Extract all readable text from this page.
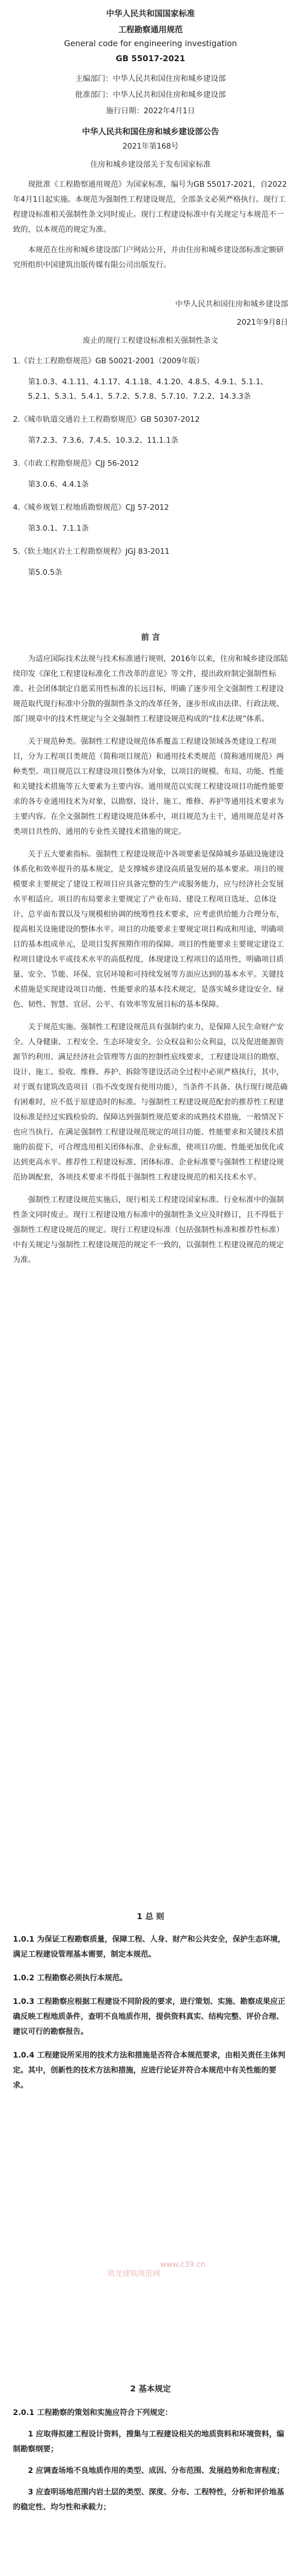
中华人民共和国国家标准
工程勘察通用规范
General code for engineering investigation
GB 55017-2021
主编部门：中华人民共和国住房和城乡建设部
批准部门：中华人民共和国住房和城乡建设部
施行日期：2022年4月1日
中华人民共和国住房和城乡建设部公告
2021年第168号
住房和城乡建设部关于发布国家标准

现批准《工程勘察通用规范》为国家标准，编号为GB 55017-2021，自2022年4月1日起实施。本规范为强制性工程建设规范，全部条文必须严格执行。现行工程建设标准相关强制性条文同时废止。现行工程建设标准中有关规定与本规范不一致的，以本规范的规定为准。

本规范在住房和城乡建设部门户网站公开，并由住房和城乡建设部标准定额研究所组织中国建筑出版传媒有限公司出版发行。

中华人民共和国住房和城乡建设部
2021年9月8日
废止的现行工程建设标准相关强制性条文

1.《岩土工程勘察规范》GB 50021-2001（2009年版）

第1.0.3、4.1.11、4.1.17、4.1.18、4.1.20、4.8.5、4.9.1、5.1.1、5.2.1、5.3.1、5.4.1、5.7.2、5.7.8、5.7.10、7.2.2、14.3.3条

2.《城市轨道交通岩土工程勘察规范》GB 50307-2012

第7.2.3、7.3.6、7.4.5、10.3.2、11.1.1条

3.《市政工程勘察规范》CJJ 56-2012

第3.0.6、4.4.1条

4.《城乡规划工程地质勘察规范》CJJ 57-2012

第3.0.1、7.1.1条

5.《软土地区岩土工程勘察规程》JGJ 83-2011

第5.0.5条

前 言

为适应国际技术法规与技术标准通行规则，2016年以来，住房和城乡建设部陆续印发《深化工程建设标准化工作改革的意见》等文件，提出政府制定强制性标准、社会团体制定自愿采用性标准的长远目标，明确了逐步用全文强制性工程建设规范取代现行标准中分散的强制性条文的改革任务，逐步形成由法律、行政法规、部门规章中的技术性规定与全文强制性工程建设规范构成的“技术法规”体系。

关于规范种类。强制性工程建设规范体系覆盖工程建设领域各类建设工程项目，分为工程项目类规范（简称项目规范）和通用技术类规范（简称通用规范）两种类型。项目规范以工程建设项目整体为对象，以项目的规模、布局、功能、性能和关键技术措施等五大要素为主要内容。通用规范以实现工程建设项目功能性能要求的各专业通用技术为对象，以勘察、设计、施工、维修、养护等通用技术要求为主要内容。在全文强制性工程建设规范体系中，项目规范为主干，通用规范是对各类项目共性的、通用的专业性关键技术措施的规定。

关于五大要素指标。强制性工程建设规范中各项要素是保障城乡基础设施建设体系化和效率提升的基本规定，是支撑城乡建设高质量发展的基本要求。项目的规模要求主要规定了建设工程项目应具备完整的生产或服务能力，应与经济社会发展水平相适应。项目的布局要求主要规定了产业布局、建设工程项目选址、总体设计、总平面布置以及与规模相协调的统筹性技术要求，应考虑供给能力合理分布，提高相关设施建设的整体水平。项目的功能要求主要规定项目构成和用途，明确项目的基本组成单元，是项目发挥预期作用的保障。项目的性能要求主要规定建设工程项目建设水平或技术水平的高低程度，体现建设工程项目的适用性，明确项目质量、安全、节能、环保、宜居环境和可持续发展等方面应达到的基本水平。关键技术措施是实现建设项目功能、性能要求的基本技术规定，是落实城乡建设安全、绿色、韧性、智慧、宜居、公平、有效率等发展目标的基本保障。

关于规范实施。强制性工程建设规范具有强制约束力，是保障人民生命财产安全、人身健康、工程安全、生态环境安全、公众权益和公众利益，以及促进能源资源节约利用、满足经济社会管理等方面的控制性底线要求，工程建设项目的勘察、设计、施工、验收、维修、养护、拆除等建设活动全过程中必须严格执行，其中，对于既有建筑改造项目（指不改变现有使用功能），当条件不具备、执行现行规范确有困难时，应不低于原建造时的标准。与强制性工程建设规范配套的推荐性工程建设标准是经过实践检验的、保障达到强制性规范要求的成熟技术措施，一般情况下也应当执行。在满足强制性工程建设规范规定的项目功能、性能要求和关键技术措施的前提下，可合理选用相关团体标准、企业标准，使项目功能、性能更加优化或达到更高水平。推荐性工程建设标准、团体标准、企业标准要与强制性工程建设规范协调配套，各项技术要求不得低于强制性工程建设规范的相关技术水平。

强制性工程建设规范实施后，现行相关工程建设国家标准、行业标准中的强制性条文同时废止。现行工程建设地方标准中的强制性条文应及时修订，且不得低于强制性工程建设规范的规定。现行工程建设标准（包括强制性标准和推荐性标准）中有关规定与强制性工程建设规范的规定不一致的，以强制性工程建设规范的规定为准。

1 总 则

1.0.1 为保证工程勘察质量，保障工程、人身、财产和公共安全，保护生态环境，满足工程建设管理基本需要，制定本规范。

1.0.2 工程勘察必须执行本规范。

1.0.3 工程勘察应根据工程建设不同阶段的要求，进行策划、实施、勘察成果应正确反映工程地质条件，查明不良地质作用，提供资料真实、结构完整、评价合理、建议可行的勘察报告。

1.0.4 工程建设所采用的技术方法和措施是否符合本规范要求，由相关责任主体判定。其中，创新性的技术方法和措施，应进行论证并符合本规范中有关性能的要求。

筑龙建筑规范网
www.c39.cn
2 基本规定

2.0.1 工程勘察的策划和实施应符合下列规定：

1 应取得拟建工程设计资料，搜集与工程建设相关的地质资料和环境资料，编制勘察纲要；

2 应调查场地不良地质作用的类型、成因、分布范围、发展趋势和危害程度；

3 应查明场地范围内岩土层的类型、深度、分布、工程特性，分析和评价地基的稳定性、均匀性和承载力；
